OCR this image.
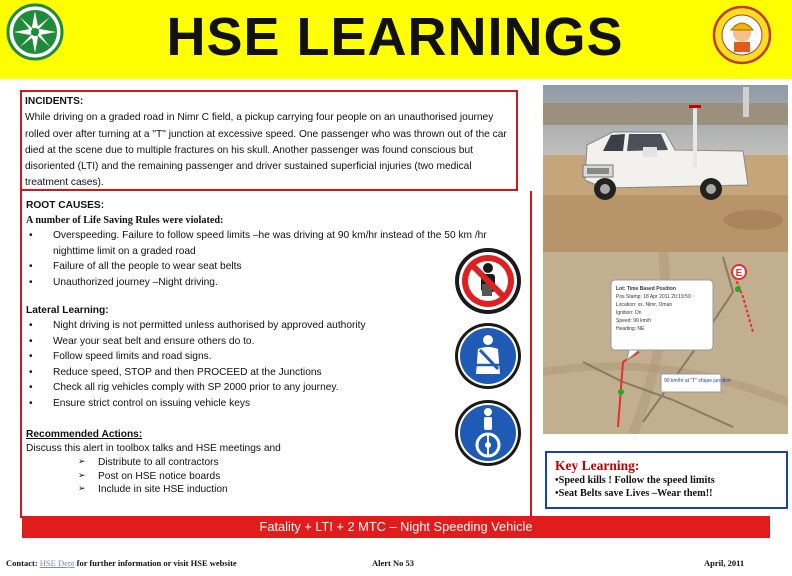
HSE LEARNINGS
INCIDENTS:
While driving on a graded road in Nimr C field, a pickup carrying four people on an unauthorised journey rolled over after turning at a "T" junction at excessive speed. One passenger who was thrown out of the car died at the scene due to multiple fractures on his skull. Another passenger was found conscious but disoriented (LTI) and the remaining passenger and driver sustained superficial injuries (two medical treatment cases).
ROOT CAUSES:
A number of Life Saving Rules were violated:
• Overspeeding. Failure to follow speed limits –he was driving at 90 km/hr instead of the 50 km /hr
nighttime limit on a graded road
• Failure of all the people to wear seat belts
• Unauthorized journey –Night driving.
Lateral Learning:
• Night driving is not permitted unless authorised by approved authority
• Wear your seat belt and ensure others do to.
• Follow speed limits and road signs.
• Reduce speed, STOP and then PROCEED at the Junctions
• Check all rig vehicles comply with SP 2000 prior to any journey.
• Ensure strict control on issuing vehicle keys
Recommended Actions:
Discuss this alert in toolbox talks and HSE meetings and
➢ Distribute to all contractors
➢ Post on HSE notice boards
➢ Include in site HSE induction
E
Lot: Time Based Position
Pos Stamp: 18 Apr 2011 20:19:50
Location: xx, Nimr, Oman
Ignition: On
Speed: 90 km/h
Heading: NE
90 km/hr at "T" shape junction
Key Learning:
•Speed kills ! Follow the speed limits
•Seat Belts save Lives –Wear them!!
Fatality + LTI + 2 MTC – Night Speeding Vehicle
Contact: HSE Dept for further information or visit HSE website	Alert No 53	April, 2011
